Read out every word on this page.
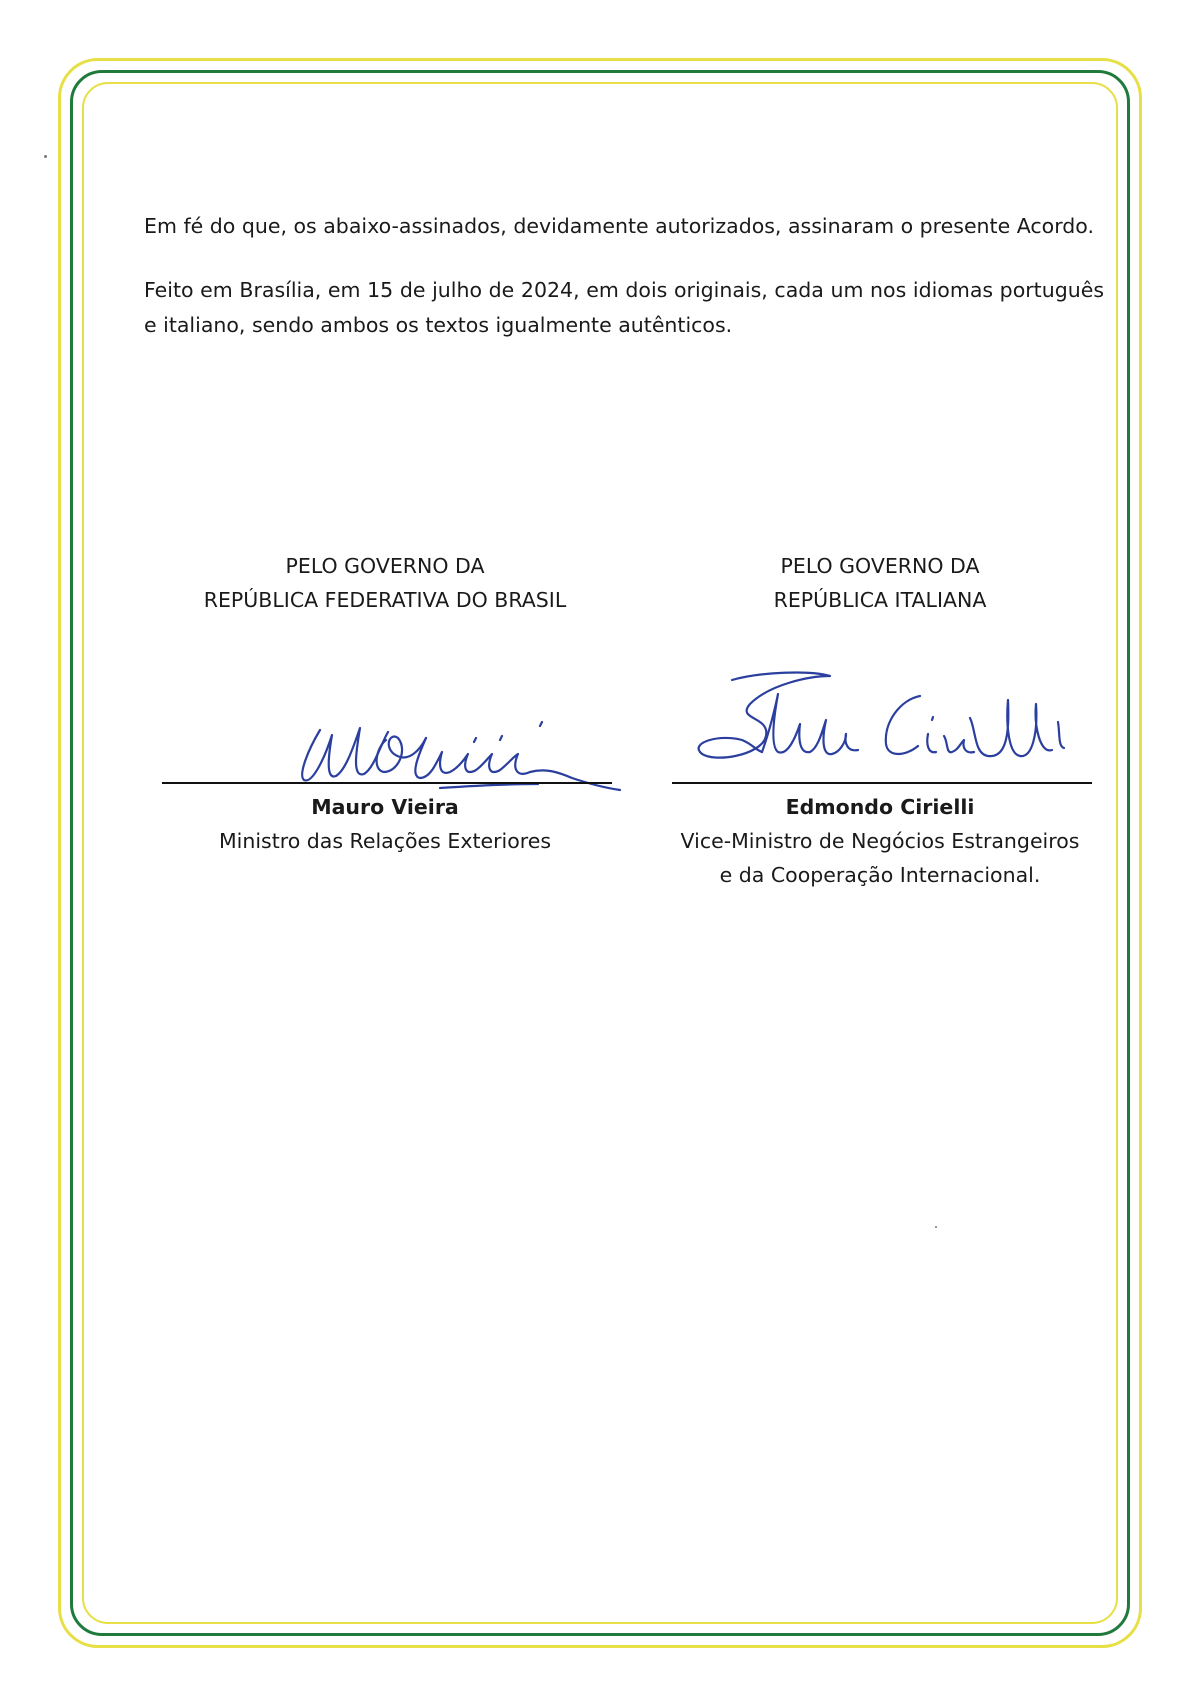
Em fé do que, os abaixo-assinados, devidamente autorizados, assinaram o presente Acordo.

Feito em Brasília, em 15 de julho de 2024, em dois originais, cada um nos idiomas português e italiano, sendo ambos os textos igualmente autênticos.

PELO GOVERNO DA
REPÚBLICA FEDERATIVA DO BRASIL
PELO GOVERNO DA
REPÚBLICA ITALIANA
Mauro Vieira
Ministro das Relações Exteriores
Edmondo Cirielli
Vice-Ministro de Negócios Estrangeiros
e da Cooperação Internacional.
